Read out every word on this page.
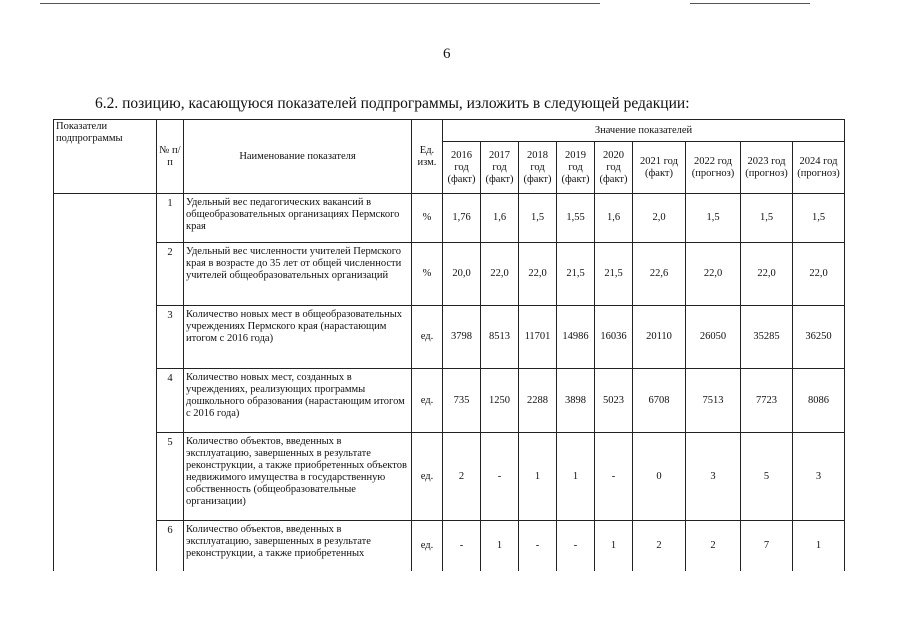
6
6.2. позицию, касающуюся показателей подпрограммы, изложить в следующей редакции:
Показатели подпрограммы	№ п/п	Наименование показателя	Ед. изм.	Значение показателей								
				2016 год (факт)	2017 год (факт)	2018 год (факт)	2019 год (факт)	2020 год (факт)	2021 год (факт)	2022 год (прогноз)	2023 год (прогноз)	2024 год (прогноз)
	1	Удельный вес педагогических вакансий в общеобразовательных организациях Пермского края	%	1,76	1,6	1,5	1,55	1,6	2,0	1,5	1,5	1,5
	2	Удельный вес численности учителей Пермского края в возрасте до 35 лет от общей численности учителей общеобразовательных организаций	%	20,0	22,0	22,0	21,5	21,5	22,6	22,0	22,0	22,0
	3	Количество новых мест в общеобразовательных учреждениях Пермского края (нарастающим итогом с 2016 года)	ед.	3798	8513	11701	14986	16036	20110	26050	35285	36250
	4	Количество новых мест, созданных в учреждениях, реализующих программы дошкольного образования (нарастающим итогом с 2016 года)	ед.	735	1250	2288	3898	5023	6708	7513	7723	8086
	5	Количество объектов, введенных в эксплуатацию, завершенных в результате реконструкции, а также приобретенных объектов недвижимого имущества в государственную собственность (общеобразовательные организации)	ед.	2	-	1	1	-	0	3	5	3
	6	Количество объектов, введенных в эксплуатацию, завершенных в результате реконструкции, а также приобретенных	ед.	-	1	-	-	1	2	2	7	1
